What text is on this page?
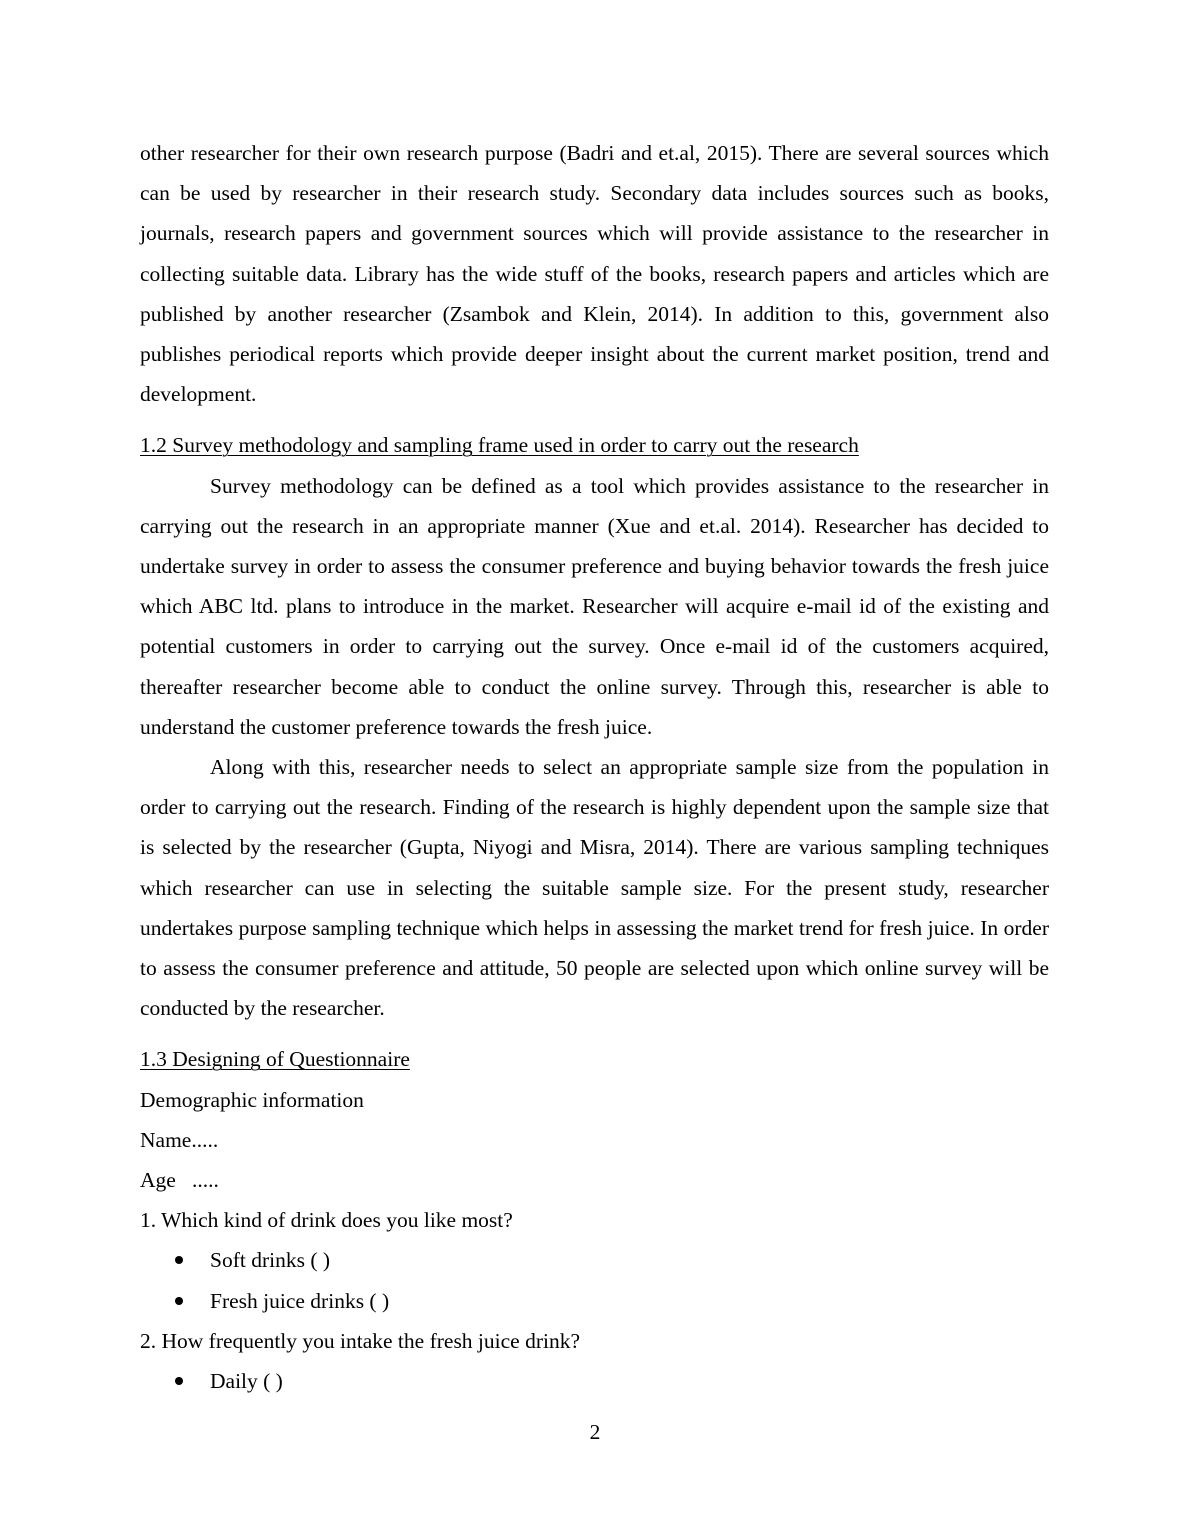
other researcher for their own research purpose (Badri and et.al, 2015). There are several sources which can be used by researcher in their research study. Secondary data includes sources such as books, journals, research papers and government sources which will provide assistance to the researcher in collecting suitable data. Library has the wide stuff of the books, research papers and articles which are published by another researcher (Zsambok and Klein, 2014). In addition to this, government also publishes periodical reports which provide deeper insight about the current market position, trend and development.

1.2 Survey methodology and sampling frame used in order to carry out the research

Survey methodology can be defined as a tool which provides assistance to the researcher in carrying out the research in an appropriate manner (Xue and et.al. 2014). Researcher has decided to undertake survey in order to assess the consumer preference and buying behavior towards the fresh juice which ABC ltd. plans to introduce in the market. Researcher will acquire e-mail id of the existing and potential customers in order to carrying out the survey. Once e-mail id of the customers acquired, thereafter researcher become able to conduct the online survey. Through this, researcher is able to understand the customer preference towards the fresh juice.

Along with this, researcher needs to select an appropriate sample size from the population in order to carrying out the research. Finding of the research is highly dependent upon the sample size that is selected by the researcher (Gupta, Niyogi and Misra, 2014). There are various sampling techniques which researcher can use in selecting the suitable sample size. For the present study, researcher undertakes purpose sampling technique which helps in assessing the market trend for fresh juice. In order to assess the consumer preference and attitude, 50 people are selected upon which online survey will be conducted by the researcher.

1.3 Designing of Questionnaire

Demographic information

Name.....

Age   .....

1. Which kind of drink does you like most?

Soft drinks ( )
Fresh juice drinks ( )

2. How frequently you intake the fresh juice drink?

Daily ( )
2
